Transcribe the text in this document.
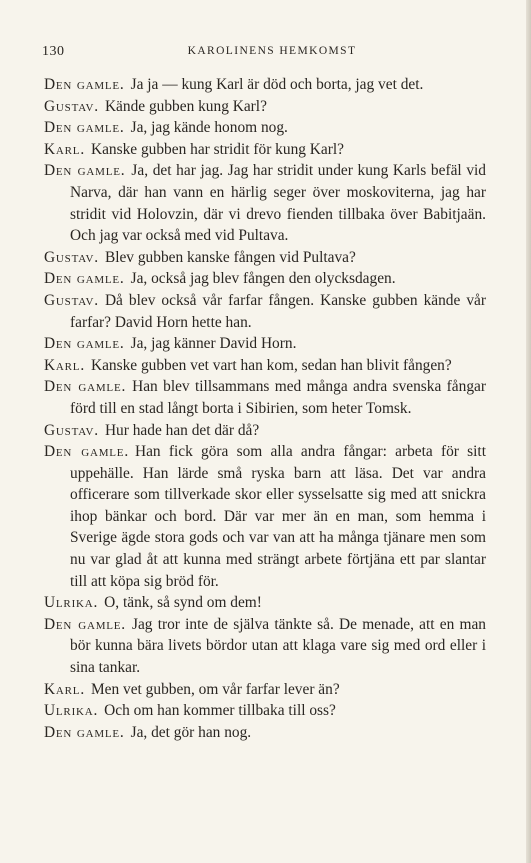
130	KAROLINENS HEMKOMST

Den gamle. Ja ja — kung Karl är död och borta, jag vet det.

Gustav. Kände gubben kung Karl?

Den gamle. Ja, jag kände honom nog.

Karl. Kanske gubben har stridit för kung Karl?

Den gamle. Ja, det har jag. Jag har stridit under kung Karls befäl vid Narva, där han vann en härlig seger över moskoviterna, jag har stridit vid Holovzin, där vi drevo fienden tillbaka över Babitjaän. Och jag var också med vid Pultava.

Gustav. Blev gubben kanske fången vid Pultava?

Den gamle. Ja, också jag blev fången den olycksdagen.

Gustav. Då blev också vår farfar fången. Kanske gubben kände vår farfar? David Horn hette han.

Den gamle. Ja, jag känner David Horn.

Karl. Kanske gubben vet vart han kom, sedan han blivit fången?

Den gamle. Han blev tillsammans med många andra svenska fångar förd till en stad långt borta i Sibirien, som heter Tomsk.

Gustav. Hur hade han det där då?

Den gamle. Han fick göra som alla andra fångar: arbeta för sitt uppehälle. Han lärde små ryska barn att läsa. Det var andra officerare som tillverkade skor eller sysselsatte sig med att snickra ihop bänkar och bord. Där var mer än en man, som hemma i Sverige ägde stora gods och var van att ha många tjänare men som nu var glad åt att kunna med strängt arbete förtjäna ett par slantar till att köpa sig bröd för.

Ulrika. O, tänk, så synd om dem!

Den gamle. Jag tror inte de själva tänkte så. De menade, att en man bör kunna bära livets bördor utan att klaga vare sig med ord eller i sina tankar.

Karl. Men vet gubben, om vår farfar lever än?

Ulrika. Och om han kommer tillbaka till oss?

Den gamle. Ja, det gör han nog.
